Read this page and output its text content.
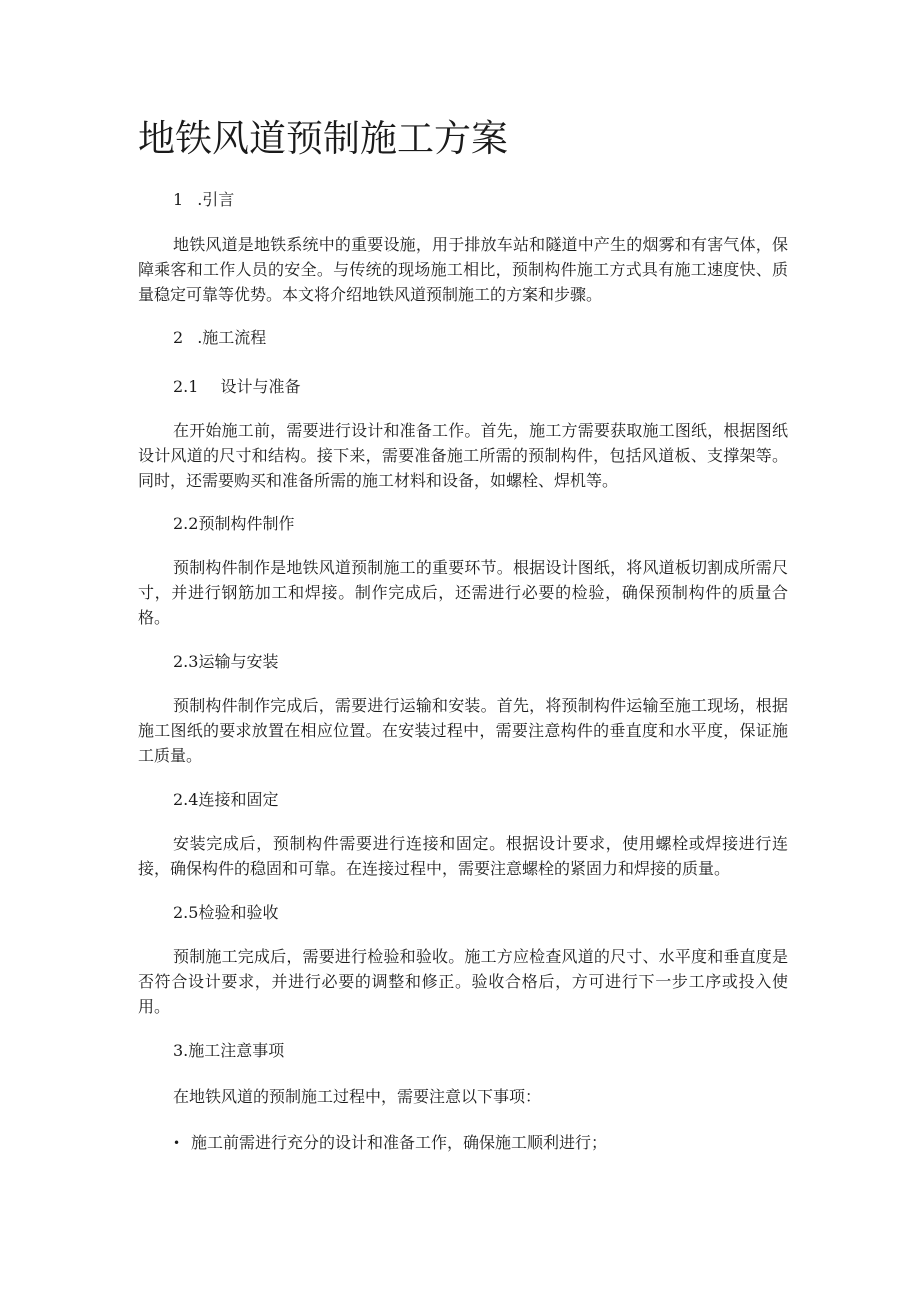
地铁风道预制施工方案

1 .引言

地铁风道是地铁系统中的重要设施，用于排放车站和隧道中产生的烟雾和有害气体，保障乘客和工作人员的安全。与传统的现场施工相比，预制构件施工方式具有施工速度快、质量稳定可靠等优势。本文将介绍地铁风道预制施工的方案和步骤。

2 .施工流程

2.1 设计与准备

在开始施工前，需要进行设计和准备工作。首先，施工方需要获取施工图纸，根据图纸设计风道的尺寸和结构。接下来，需要准备施工所需的预制构件，包括风道板、支撑架等。同时，还需要购买和准备所需的施工材料和设备，如螺栓、焊机等。

2.2预制构件制作

预制构件制作是地铁风道预制施工的重要环节。根据设计图纸，将风道板切割成所需尺寸，并进行钢筋加工和焊接。制作完成后，还需进行必要的检验，确保预制构件的质量合格。

2.3运输与安装

预制构件制作完成后，需要进行运输和安装。首先，将预制构件运输至施工现场，根据施工图纸的要求放置在相应位置。在安装过程中，需要注意构件的垂直度和水平度，保证施工质量。

2.4连接和固定

安装完成后，预制构件需要进行连接和固定。根据设计要求，使用螺栓或焊接进行连接，确保构件的稳固和可靠。在连接过程中，需要注意螺栓的紧固力和焊接的质量。

2.5检验和验收

预制施工完成后，需要进行检验和验收。施工方应检查风道的尺寸、水平度和垂直度是否符合设计要求，并进行必要的调整和修正。验收合格后，方可进行下一步工序或投入使用。

3.施工注意事项

在地铁风道的预制施工过程中，需要注意以下事项：

• 施工前需进行充分的设计和准备工作，确保施工顺利进行；
